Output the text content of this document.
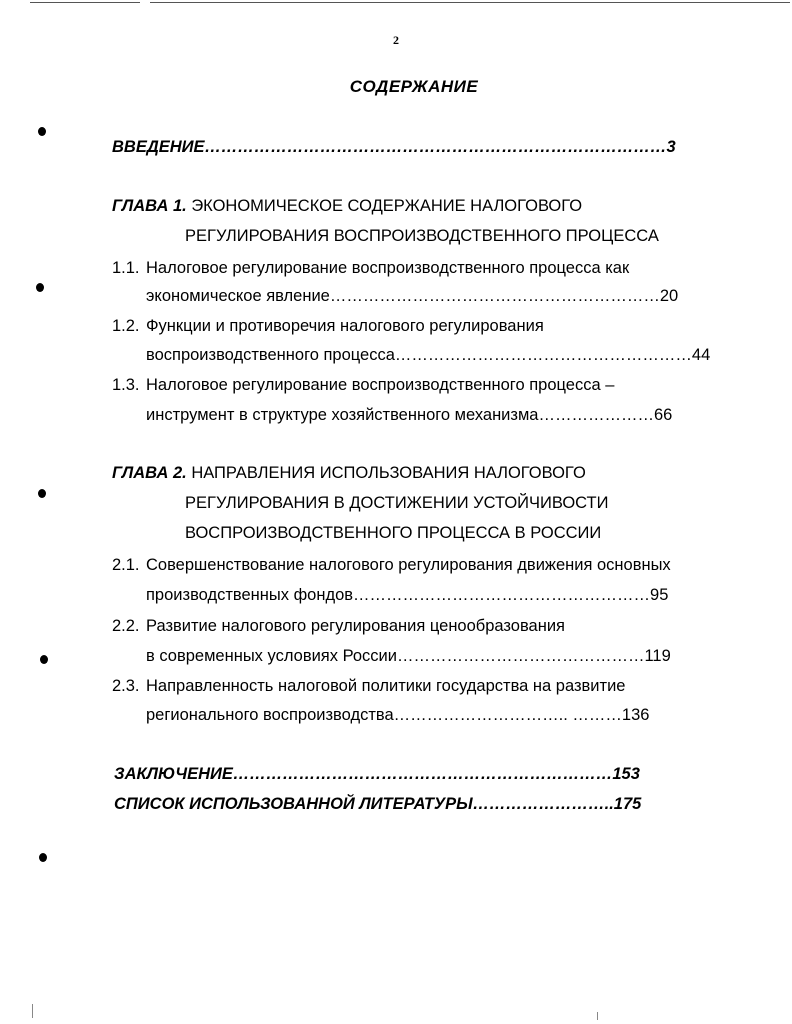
2
СОДЕРЖАНИЕ
ВВЕДЕНИЕ…………………………………………………………………………3
ГЛАВА 1. ЭКОНОМИЧЕСКОЕ СОДЕРЖАНИЕ НАЛОГОВОГО
РЕГУЛИРОВАНИЯ ВОСПРОИЗВОДСТВЕННОГО ПРОЦЕССА
1.1. Налоговое регулирование воспроизводственного процесса как
экономическое явление……………………………………………………20
1.2. Функции и противоречия налогового регулирования
воспроизводственного процесса………………………………………………44
1.3. Налоговое регулирование воспроизводственного процесса –
инструмент в структуре хозяйственного механизма…………………66
ГЛАВА 2. НАПРАВЛЕНИЯ ИСПОЛЬЗОВАНИЯ НАЛОГОВОГО
РЕГУЛИРОВАНИЯ В ДОСТИЖЕНИИ УСТОЙЧИВОСТИ
ВОСПРОИЗВОДСТВЕННОГО ПРОЦЕССА В РОССИИ
2.1. Совершенствование налогового регулирования движения основных
производственных фондов………………………………………………95
2.2. Развитие налогового регулирования ценообразования
в современных условиях России………………………………………119
2.3. Направленность налоговой политики государства на развитие
регионального воспроизводства………………………….. ………136
ЗАКЛЮЧЕНИЕ……………………………………………………………153
СПИСОК ИСПОЛЬЗОВАННОЙ ЛИТЕРАТУРЫ……………………..175
